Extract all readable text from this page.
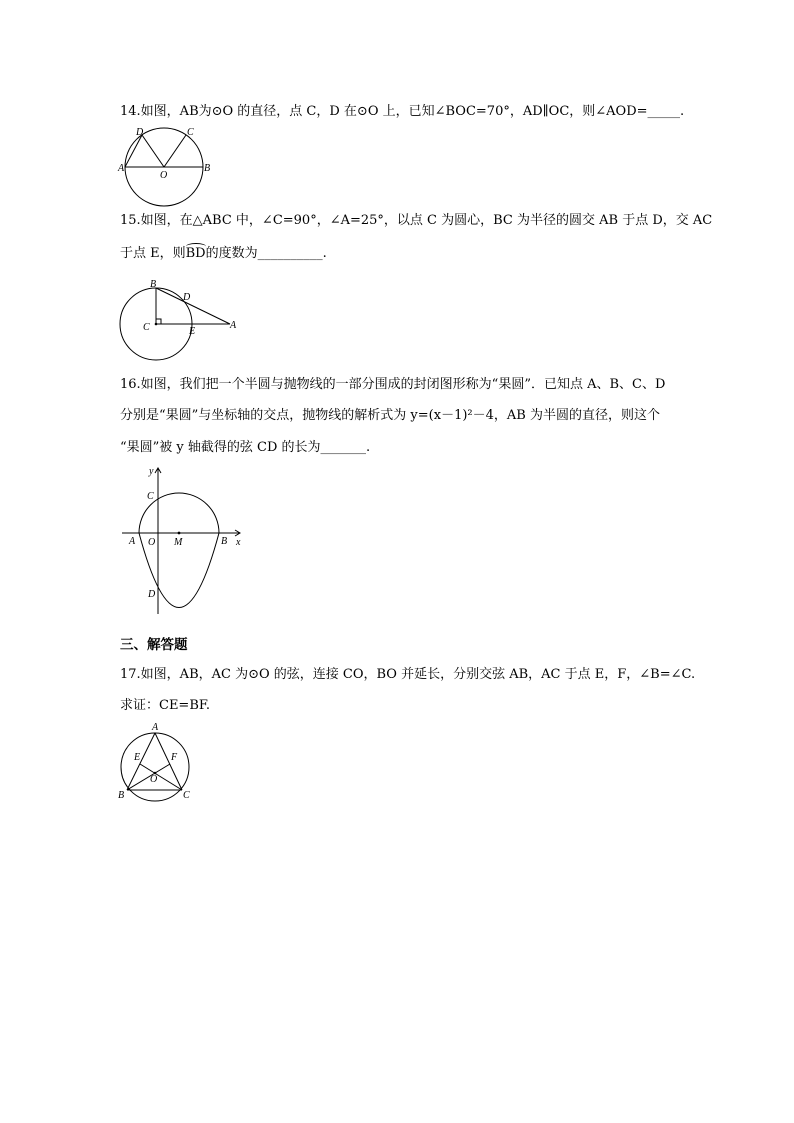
14.如图，AB为⊙O 的直径，点 C，D 在⊙O 上，已知∠BOC=70°，AD∥OC，则∠AOD=_____.
D	C
A
O
B
15.如图，在△ABC 中，∠C=90°，∠A=25°，以点 C 为圆心，BC 为半径的圆交 AB 于点 D，交 AC
于点 E，则BD的度数为__________.
B
D
C	E
A
16.如图，我们把一个半圆与抛物线的一部分围成的封闭图形称为“果圆”．已知点 A、B、C、D
分别是“果圆”与坐标轴的交点，抛物线的解析式为 y=(x－1)²－4，AB 为半圆的直径，则这个
“果圆”被 y 轴截得的弦 CD 的长为_______.
y
C
A O M	B x
D
三、解答题
17.如图，AB，AC 为⊙O 的弦，连接 CO，BO 并延长，分别交弦 AB，AC 于点 E，F，∠B=∠C.
求证：CE=BF.
A
E	F
O
B	C
